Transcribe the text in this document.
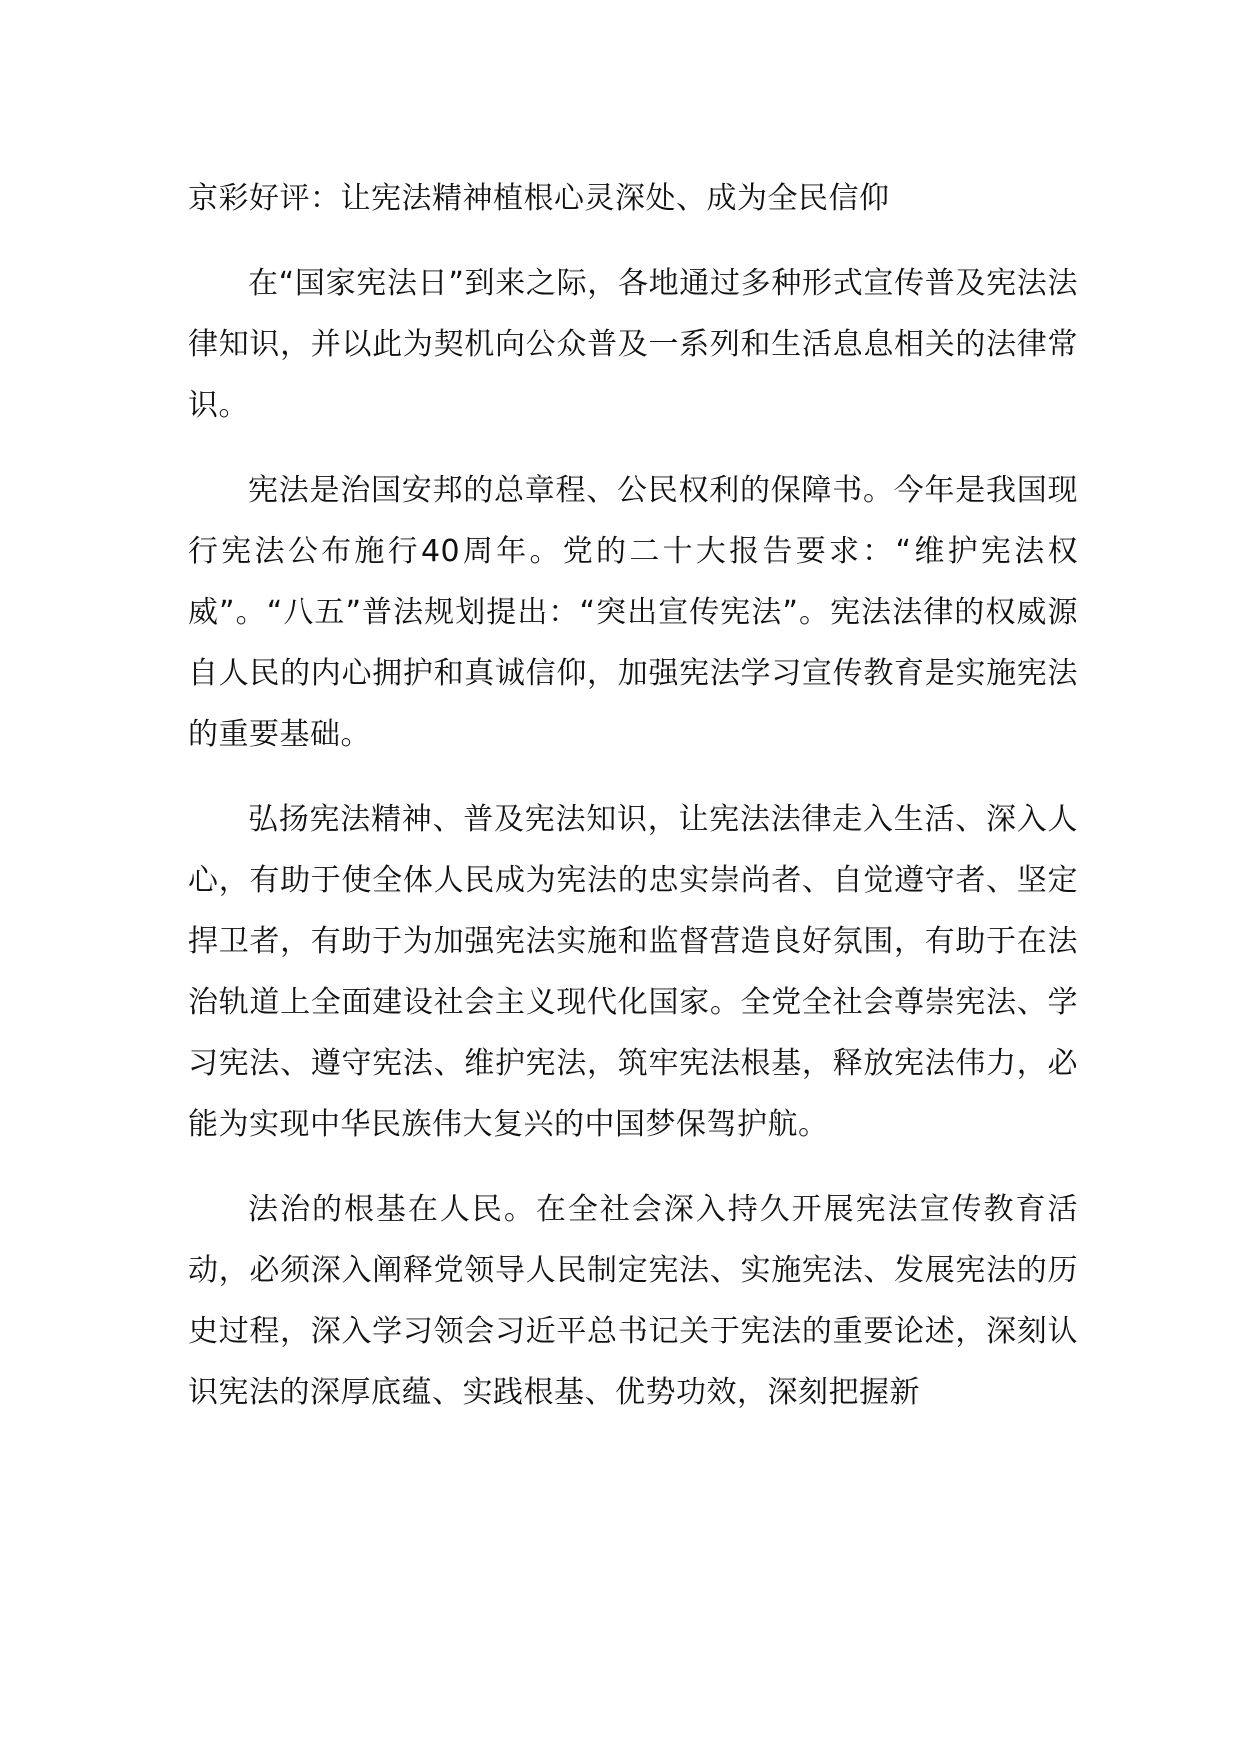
京彩好评：让宪法精神植根心灵深处、成为全民信仰

在“国家宪法日”到来之际，各地通过多种形式宣传普及宪法法律知识，并以此为契机向公众普及一系列和生活息息相关的法律常识。

宪法是治国安邦的总章程、公民权利的保障书。今年是我国现行宪法公布施行40周年。党的二十大报告要求：“维护宪法权威”。“八五”普法规划提出：“突出宣传宪法”。宪法法律的权威源自人民的内心拥护和真诚信仰，加强宪法学习宣传教育是实施宪法的重要基础。

弘扬宪法精神、普及宪法知识，让宪法法律走入生活、深入人心，有助于使全体人民成为宪法的忠实崇尚者、自觉遵守者、坚定捍卫者，有助于为加强宪法实施和监督营造良好氛围，有助于在法治轨道上全面建设社会主义现代化国家。全党全社会尊崇宪法、学习宪法、遵守宪法、维护宪法，筑牢宪法根基，释放宪法伟力，必能为实现中华民族伟大复兴的中国梦保驾护航。

法治的根基在人民。在全社会深入持久开展宪法宣传教育活动，必须深入阐释党领导人民制定宪法、实施宪法、发展宪法的历史过程，深入学习领会习近平总书记关于宪法的重要论述，深刻认识宪法的深厚底蕴、实践根基、优势功效，深刻把握新
